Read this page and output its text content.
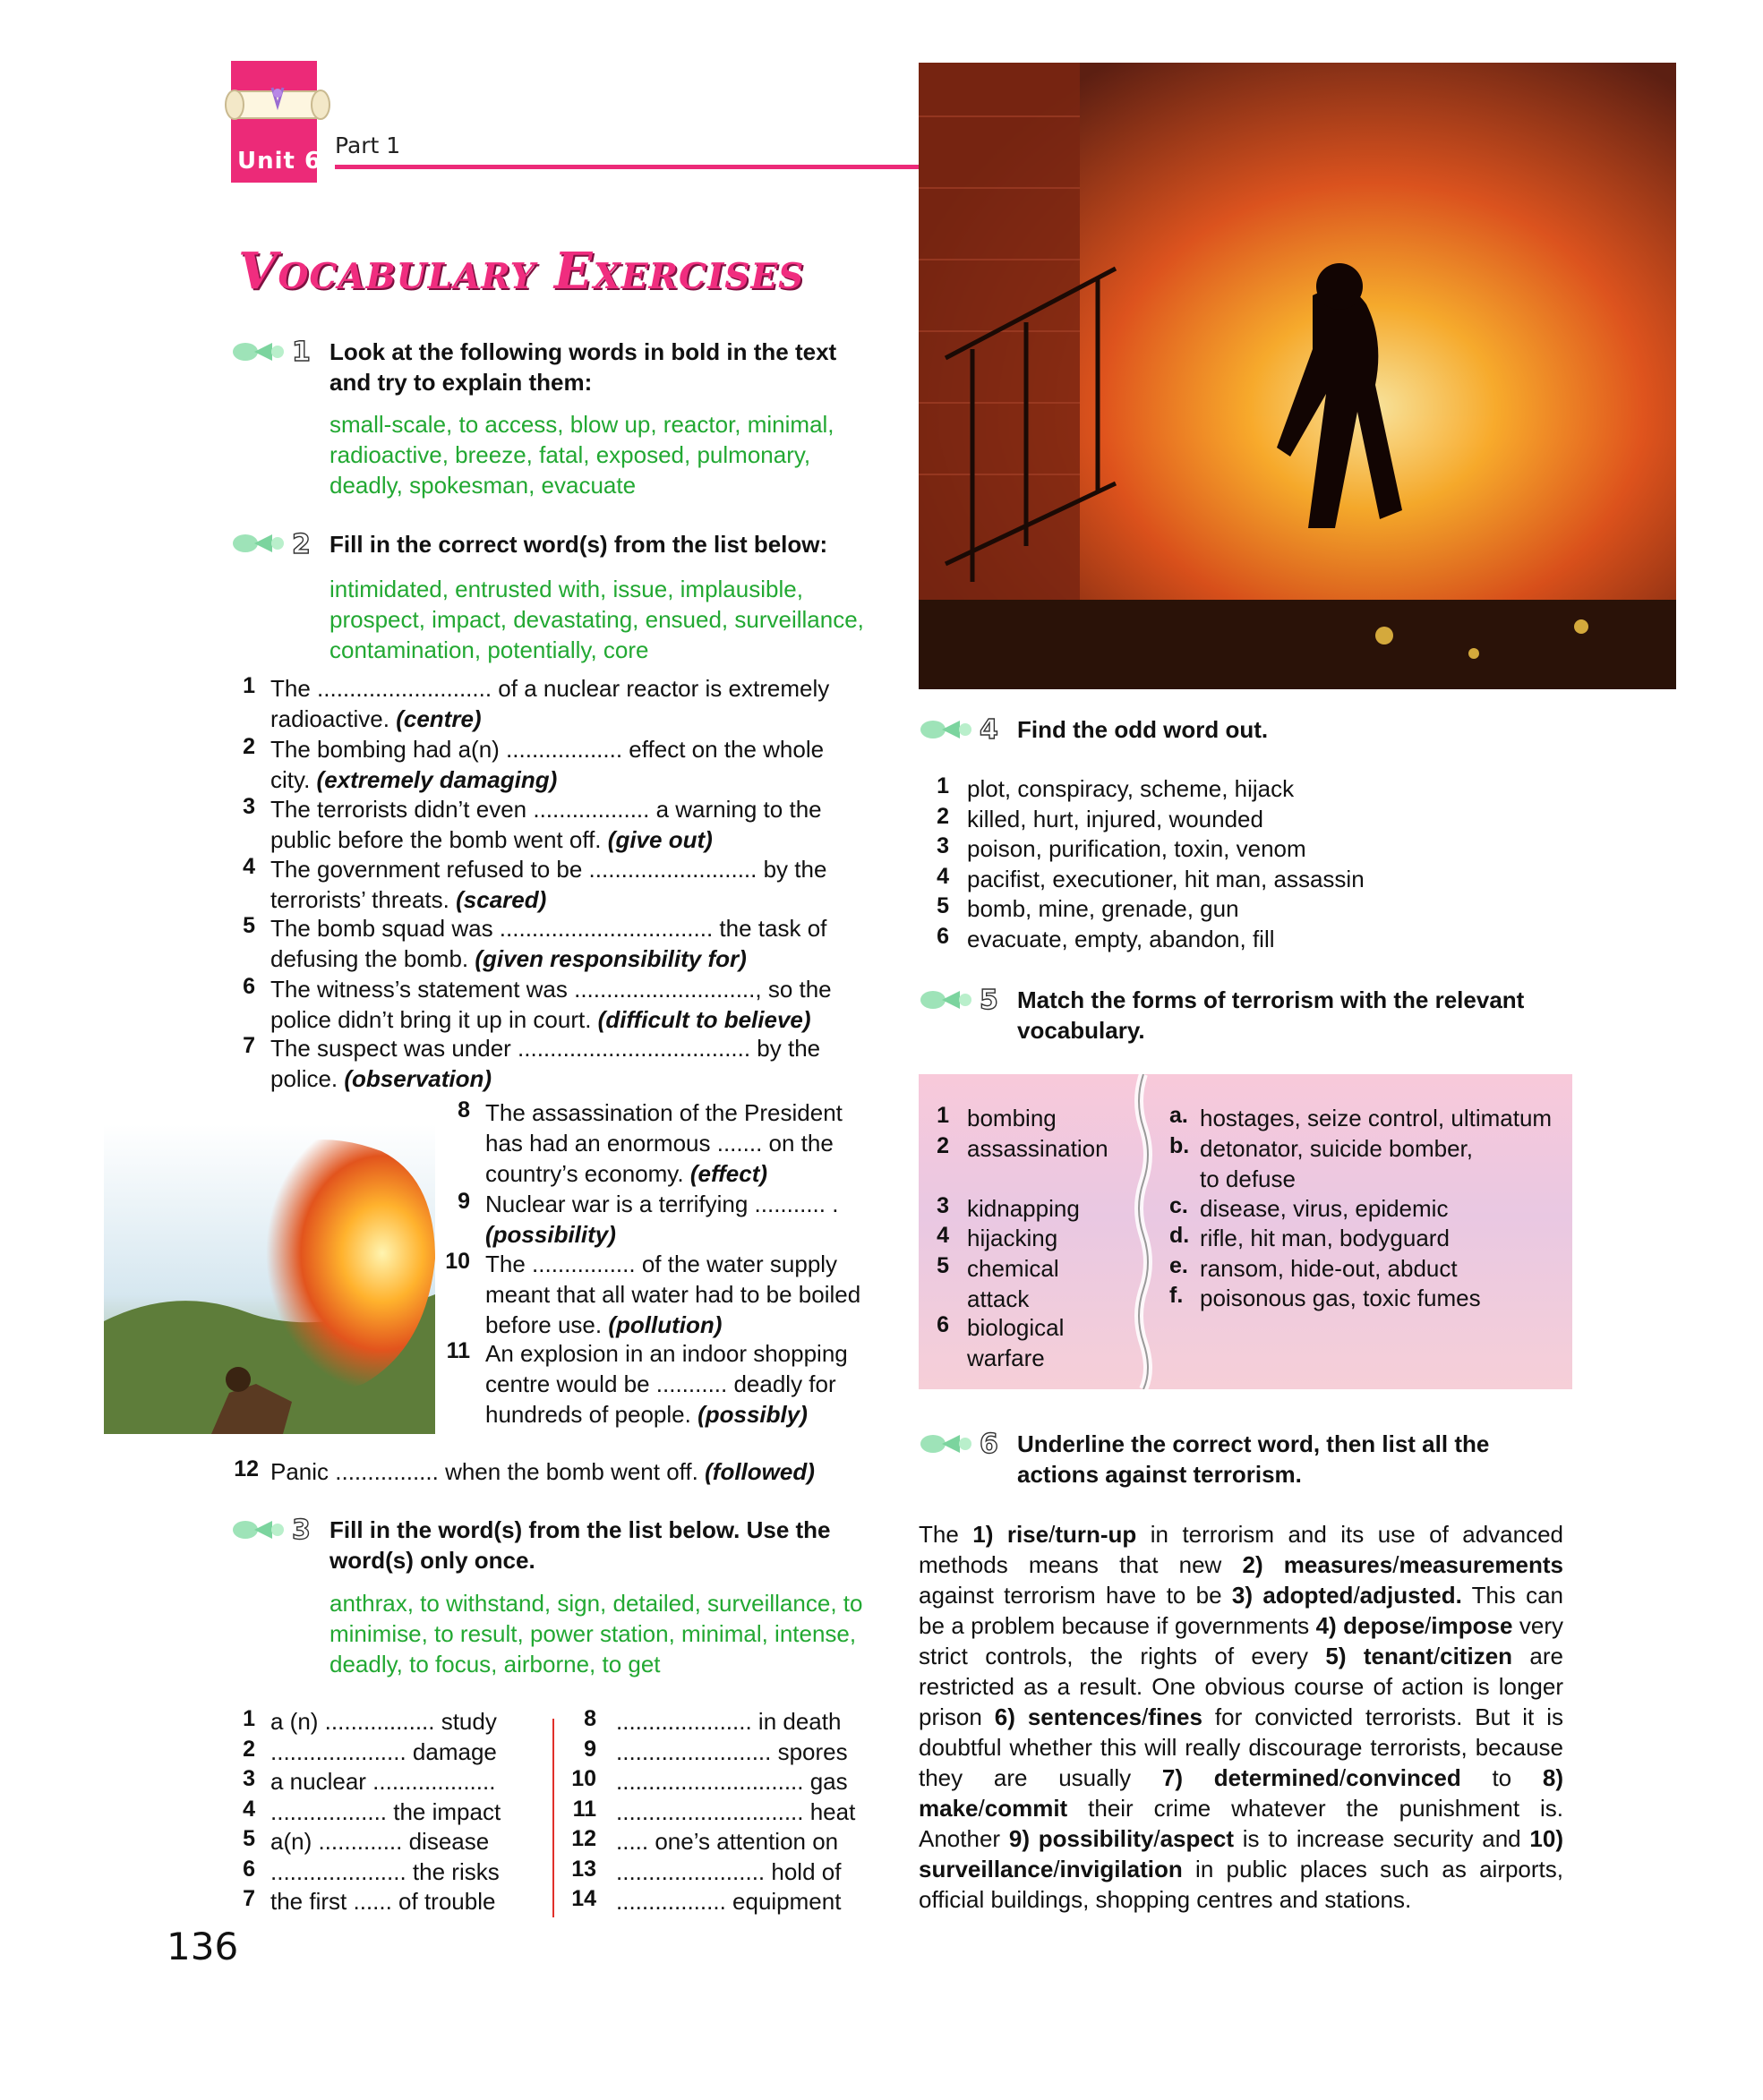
Unit 6
Part 1
Vocabulary Exercises
1 Look at the following words in bold in the text and try to explain them:
small-scale, to access, blow up, reactor, minimal, radioactive, breeze, fatal, exposed, pulmonary, deadly, spokesman, evacuate
2 Fill in the correct word(s) from the list below:
intimidated, entrusted with, issue, implausible, prospect, impact, devastating, ensued, surveillance, contamination, potentially, core
1 The ........................... of a nuclear reactor is extremely radioactive. (centre)
2 The bombing had a(n) .................. effect on the whole city. (extremely damaging)
3 The terrorists didn’t even .................. a warning to the public before the bomb went off. (give out)
4 The government refused to be .......................... by the terrorists’ threats. (scared)
5 The bomb squad was ................................. the task of defusing the bomb. (given responsibility for)
6 The witness’s statement was ............................, so the police didn’t bring it up in court. (difficult to believe)
7 The suspect was under .................................... by the police. (observation)
8 The assassination of the President has had an enormous ....... on the country’s economy. (effect)
9 Nuclear war is a terrifying ........... . (possibility)
10 The ................ of the water supply meant that all water had to be boiled before use. (pollution)
11 An explosion in an indoor shopping centre would be ........... deadly for hundreds of people. (possibly)
12 Panic ................ when the bomb went off. (followed)
3 Fill in the word(s) from the list below. Use the word(s) only once.
anthrax, to withstand, sign, detailed, surveillance, to minimise, to result, power station, minimal, intense, deadly, to focus, airborne, to get
1 a (n) ................. study
2 ..................... damage
3 a nuclear ...................
4 .................. the impact
5 a(n) ............. disease
6 ..................... the risks
7 the first ...... of trouble
8 ..................... in death
9 ........................ spores
10 ............................. gas
11 ............................. heat
12 ..... one’s attention on
13 ....................... hold of
14 ................. equipment
136
4 Find the odd word out.
1 plot, conspiracy, scheme, hijack
2 killed, hurt, injured, wounded
3 poison, purification, toxin, venom
4 pacifist, executioner, hit man, assassin
5 bomb, mine, grenade, gun
6 evacuate, empty, abandon, fill
5 Match the forms of terrorism with the relevant vocabulary.
1 bombing
2 assassination
3 kidnapping
4 hijacking
5 chemical attack
6 biological warfare
a. hostages, seize control, ultimatum
b. detonator, suicide bomber, to defuse
c. disease, virus, epidemic
d. rifle, hit man, bodyguard
e. ransom, hide-out, abduct
f. poisonous gas, toxic fumes
6 Underline the correct word, then list all the actions against terrorism.
The 1) rise/turn-up in terrorism and its use of advanced methods means that new 2) measures/measurements against terrorism have to be 3) adopted/adjusted. This can be a problem because if governments 4) depose/impose very strict controls, the rights of every 5) tenant/citizen are restricted as a result. One obvious course of action is longer prison 6) sentences/fines for convicted terrorists. But it is doubtful whether this will really discourage terrorists, because they are usually 7) determined/convinced to 8) make/commit their crime whatever the punishment is. Another 9) possibility/aspect is to increase security and 10) surveillance/invigilation in public places such as airports, official buildings, shopping centres and stations.
